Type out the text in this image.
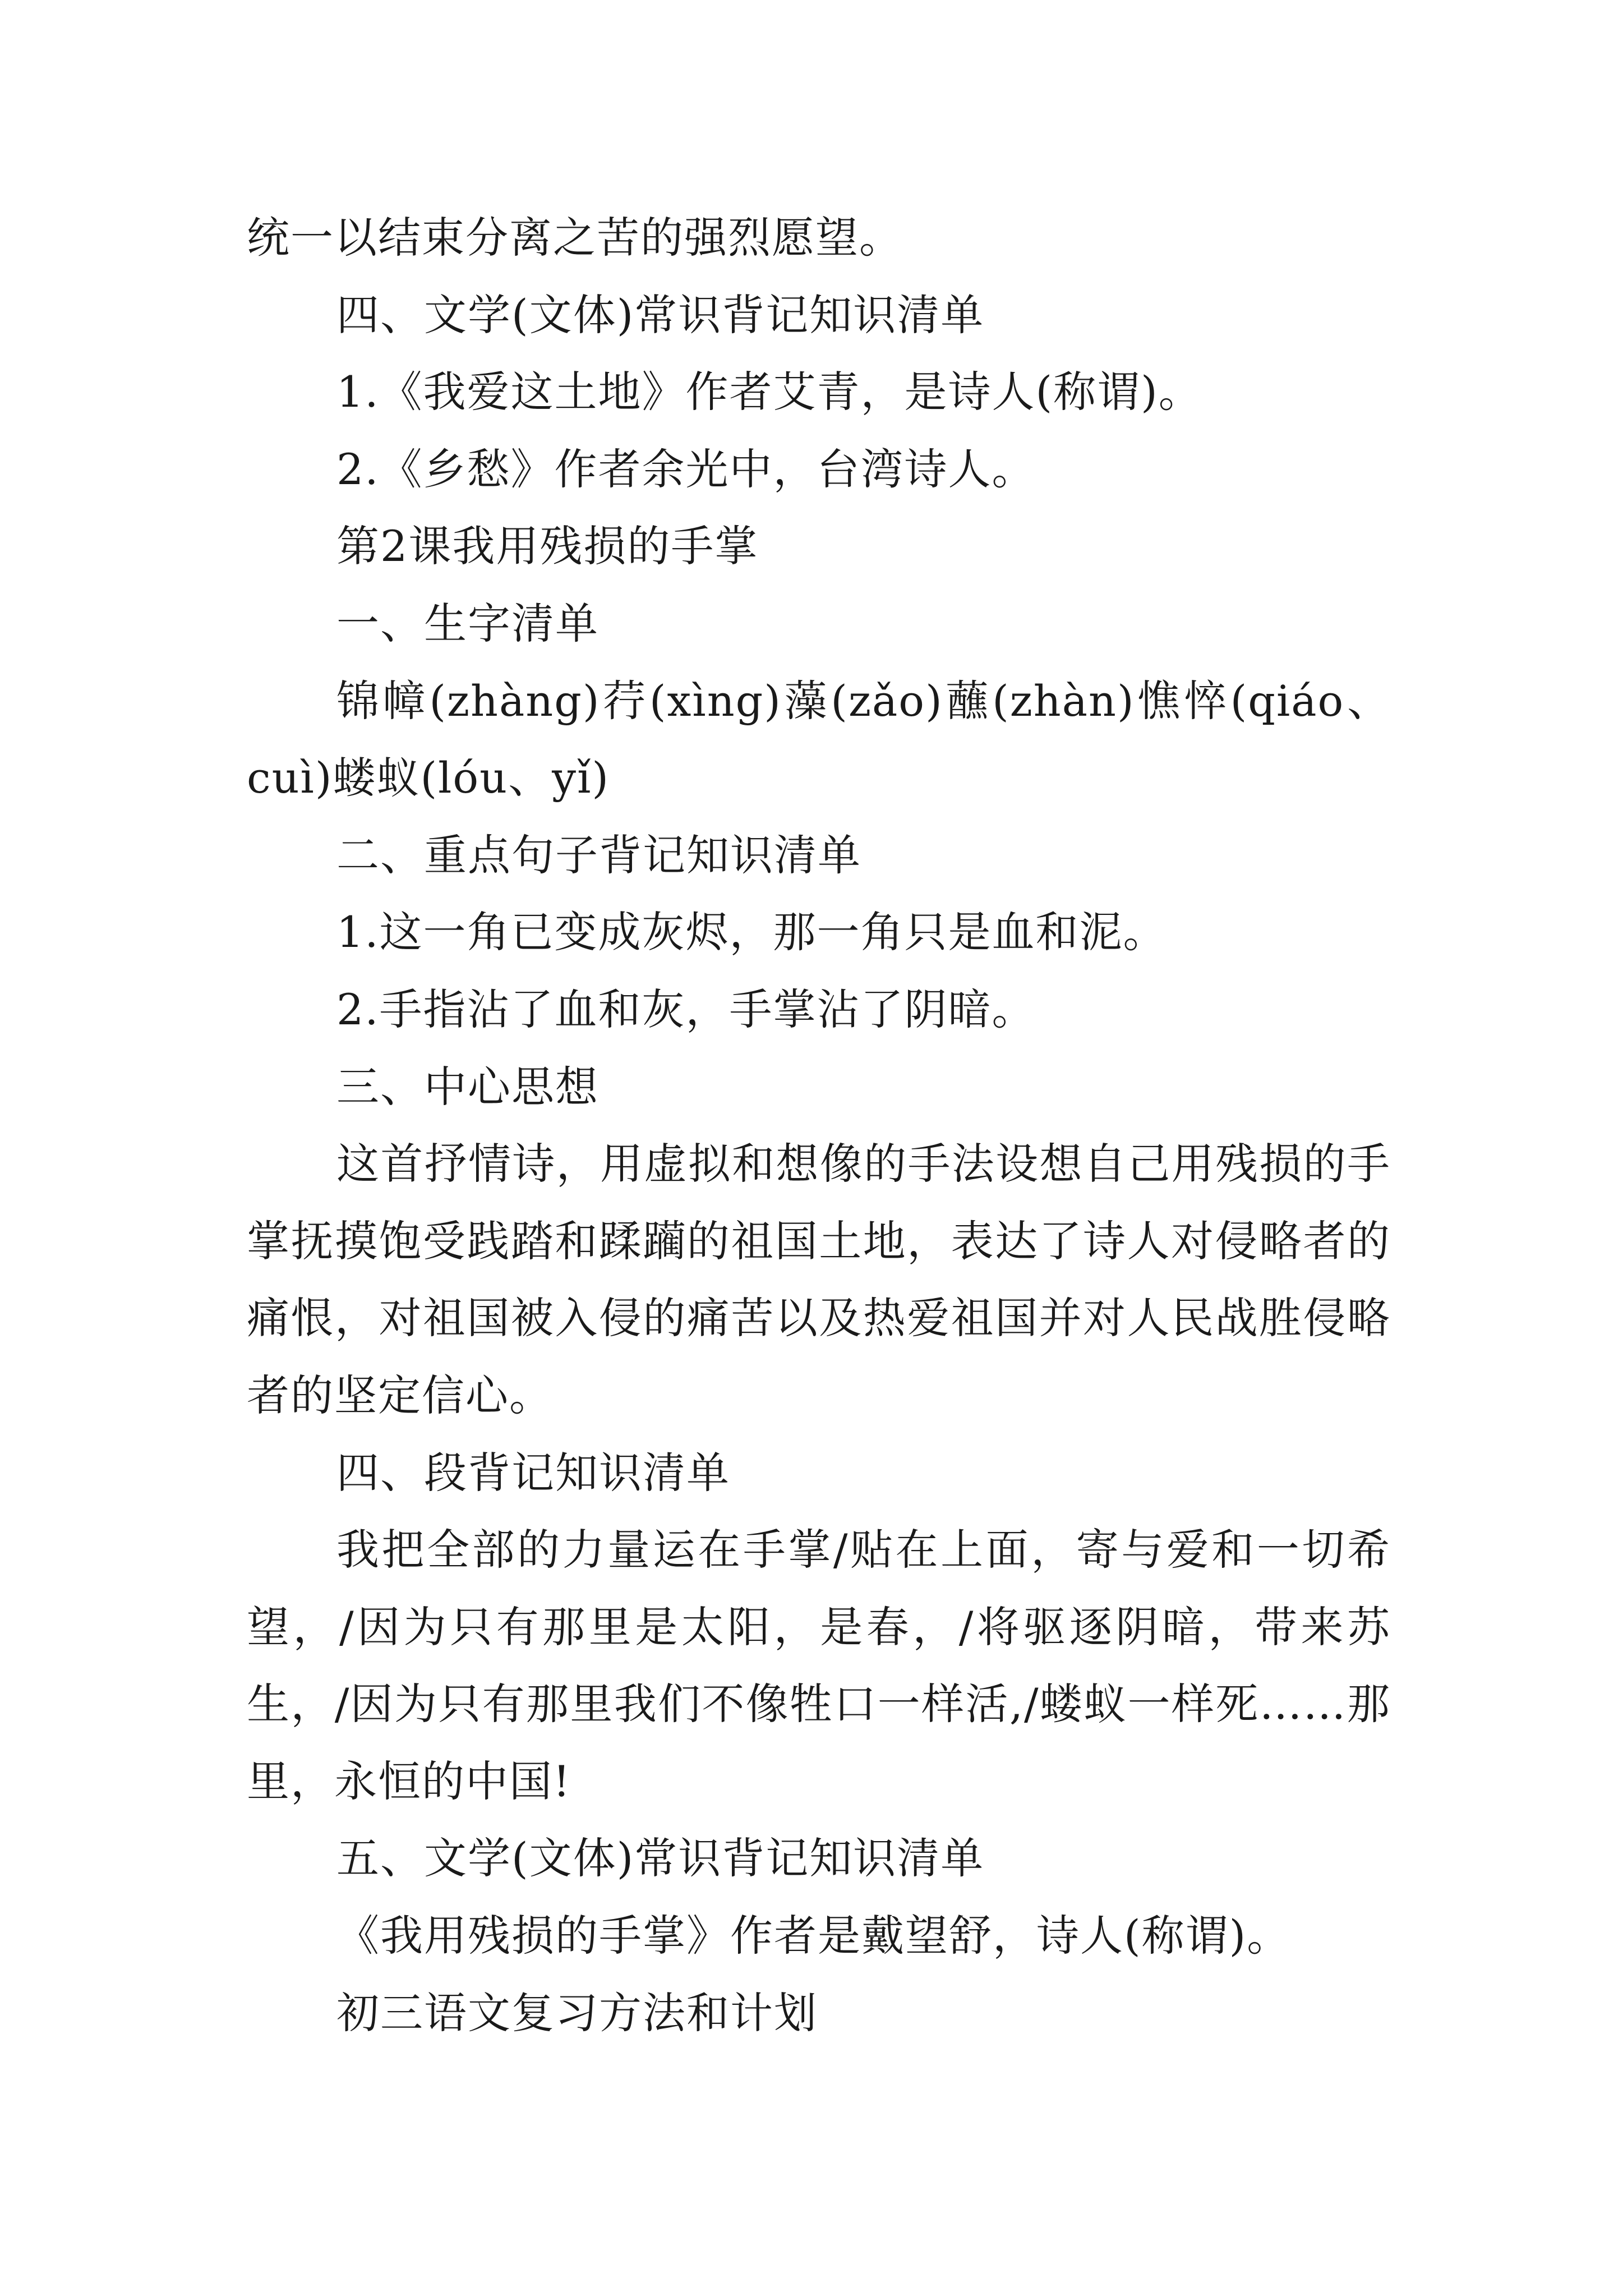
统一以结束分离之苦的强烈愿望。

四、文学(文体)常识背记知识清单

1.《我爱这土地》作者艾青，是诗人(称谓)。

2.《乡愁》作者余光中，台湾诗人。

第2课我用残损的手掌

一、生字清单

锦幛(zhàng)荇(xìng)藻(zǎo)蘸(zhàn)憔悴(qiáo、cuì)蝼蚁(lóu、yǐ)

二、重点句子背记知识清单

1.这一角已变成灰烬，那一角只是血和泥。

2.手指沾了血和灰，手掌沾了阴暗。

三、中心思想

这首抒情诗，用虚拟和想像的手法设想自己用残损的手掌抚摸饱受践踏和蹂躏的祖国土地，表达了诗人对侵略者的痛恨，对祖国被入侵的痛苦以及热爱祖国并对人民战胜侵略者的坚定信心。

四、段背记知识清单

我把全部的力量运在手掌/贴在上面，寄与爱和一切希望，/因为只有那里是太阳，是春，/将驱逐阴暗，带来苏生，/因为只有那里我们不像牲口一样活,/蝼蚁一样死……那里，永恒的中国!

五、文学(文体)常识背记知识清单

《我用残损的手掌》作者是戴望舒，诗人(称谓)。

初三语文复习方法和计划
